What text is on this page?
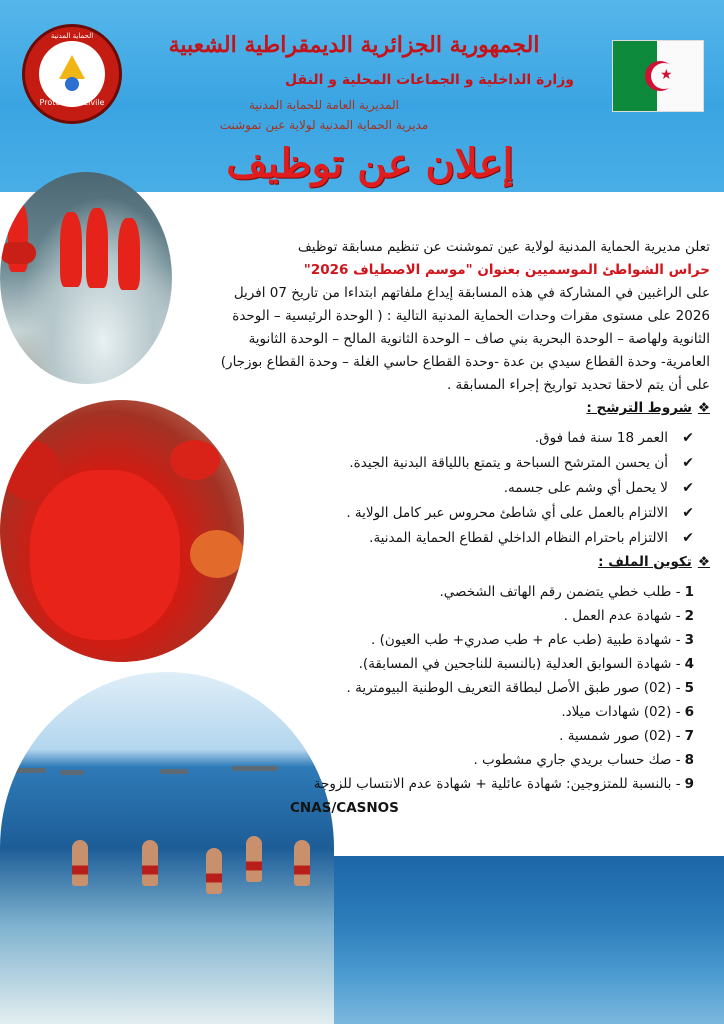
الحماية المدنية
Protection Civile
الجمهورية الجزائرية الديمقراطية الشعبية
وزارة الداخلية و الجماعات المحلية و النقل
المديرية العامة للحماية المدنية
مديرية الحماية المدنية لولاية عين تموشنت
★
إعلان عن توظيف

تعلن مديرية الحماية المدنية لولاية عين تموشنت عن تنظيم مسابقة توظيف

حراس الشواطئ الموسميين بعنوان "موسم الاصطياف 2026"

على الراغبين في المشاركة في هذه المسابقة إيداع ملفاتهم ابتداءا من تاريخ 07 افريل 2026 على مستوى مقرات وحدات الحماية المدنية التالية : ( الوحدة الرئيسية – الوحدة الثانوية ولهاصة – الوحدة البحرية بني صاف – الوحدة الثانوية المالح – الوحدة الثانوية العامرية- وحدة القطاع سيدي بن عدة -وحدة القطاع حاسي الغلة – وحدة القطاع بوزجار) على أن يتم لاحقا تحديد تواريخ إجراء المسابقة .

❖شروط الترشح :

✔
العمر 18 سنة فما فوق.
✔
أن يحسن المترشح السباحة و يتمتع باللياقة البدنية الجيدة.
✔
لا يحمل أي وشم على جسمه.
✔
الالتزام بالعمل على أي شاطئ محروس عبر كامل الولاية .
✔
الالتزام باحترام النظام الداخلي لقطاع الحماية المدنية.

❖تكوين الملف :

1- طلب خطي يتضمن رقم الهاتف الشخصي.
2- شهادة عدم العمل .
3- شهادة طبية (طب عام + طب صدري+ طب العيون) .
4- شهادة السوابق العدلية (بالنسبة للناجحين في المسابقة).
5- (02) صور طبق الأصل لبطاقة التعريف الوطنية البيومترية .
6- (02) شهادات ميلاد.
7- (02) صور شمسية .
8- صك حساب بريدي جاري مشطوب .
9- بالنسبة للمتزوجين: شهادة عائلية + شهادة عدم الانتساب للزوجة
CNAS/CASNOS
